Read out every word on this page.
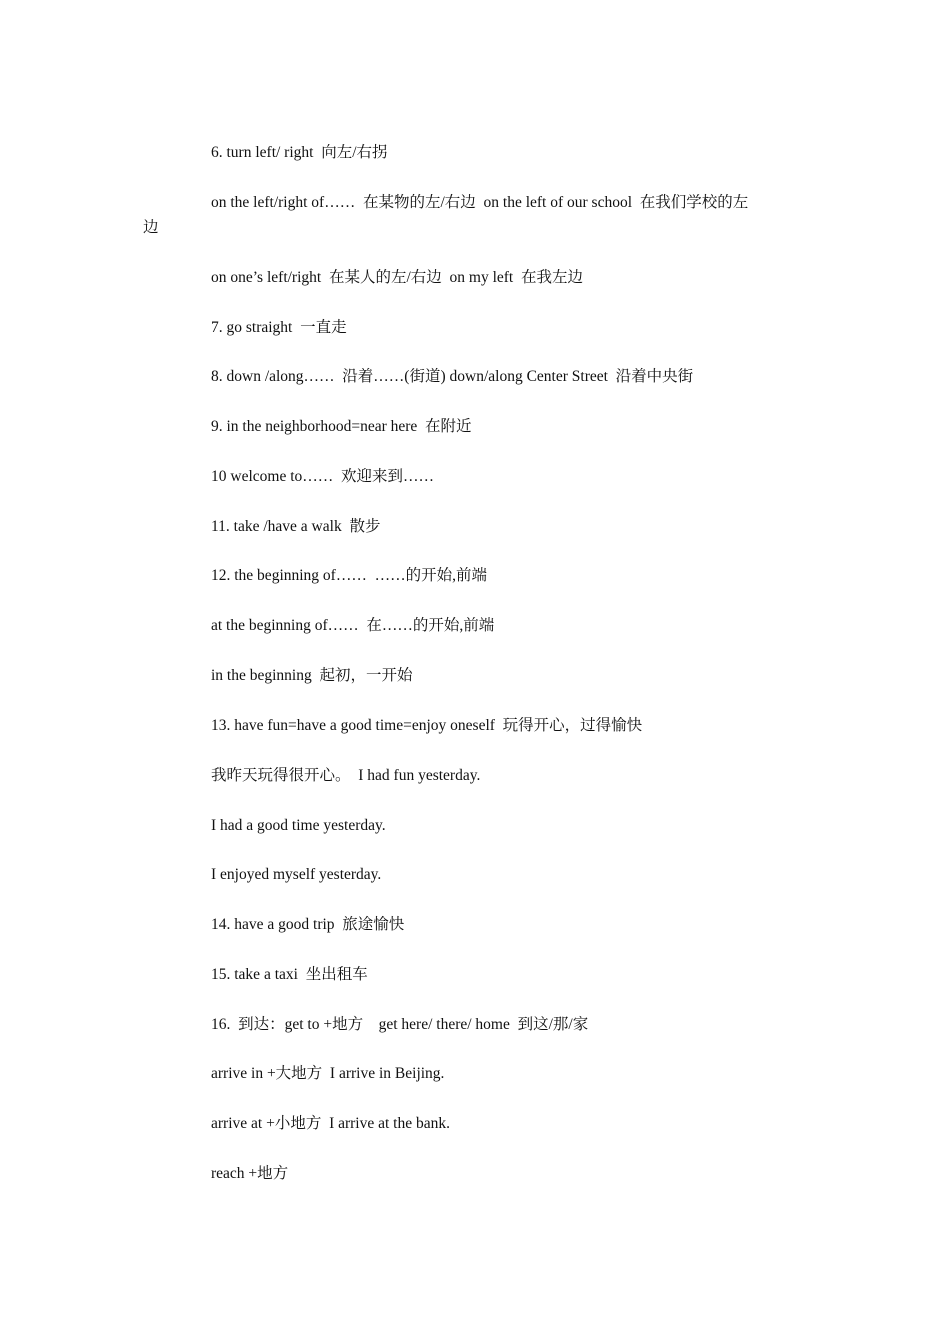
6. turn left/ right  向左/右拐
on the left/right of……  在某物的左/右边  on the left of our school  在我们学校的左
边
on one’s left/right  在某人的左/右边  on my left  在我左边
7. go straight  一直走
8. down /along……  沿着……(街道) down/along Center Street  沿着中央街
9. in the neighborhood=near here  在附近
10 welcome to……  欢迎来到……
11. take /have a walk  散步
12. the beginning of……  ……的开始,前端
at the beginning of……  在……的开始,前端
in the beginning  起初，一开始
13. have fun=have a good time=enjoy oneself  玩得开心，过得愉快
我昨天玩得很开心。  I had fun yesterday.
I had a good time yesterday.
I enjoyed myself yesterday.
14. have a good trip  旅途愉快
15. take a taxi  坐出租车
16.  到达：get to +地方    get here/ there/ home  到这/那/家
arrive in +大地方  I arrive in Beijing.
arrive at +小地方  I arrive at the bank.
reach +地方
